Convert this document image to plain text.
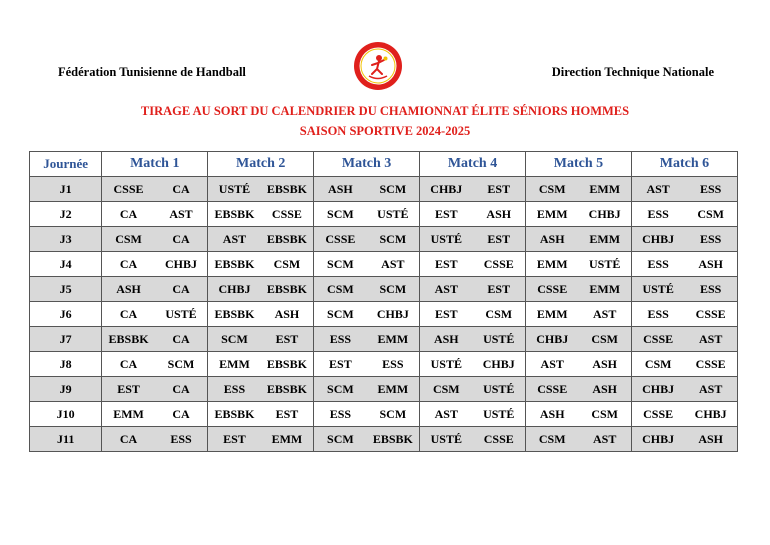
Fédération Tunisienne de Handball	Direction Technique Nationale
TIRAGE AU SORT DU CALENDRIER DU CHAMIONNAT ÉLITE SÉNIORS HOMMES
SAISON SPORTIVE 2024-2025
Journée	Match 1		Match 2		Match 3		Match 4		Match 5		Match 6	
J1	CSSE	CA	USTÉ	EBSBK	ASH	SCM	CHBJ	EST	CSM	EMM	AST	ESS
J2	CA	AST	EBSBK	CSSE	SCM	USTÉ	EST	ASH	EMM	CHBJ	ESS	CSM
J3	CSM	CA	AST	EBSBK	CSSE	SCM	USTÉ	EST	ASH	EMM	CHBJ	ESS
J4	CA	CHBJ	EBSBK	CSM	SCM	AST	EST	CSSE	EMM	USTÉ	ESS	ASH
J5	ASH	CA	CHBJ	EBSBK	CSM	SCM	AST	EST	CSSE	EMM	USTÉ	ESS
J6	CA	USTÉ	EBSBK	ASH	SCM	CHBJ	EST	CSM	EMM	AST	ESS	CSSE
J7	EBSBK	CA	SCM	EST	ESS	EMM	ASH	USTÉ	CHBJ	CSM	CSSE	AST
J8	CA	SCM	EMM	EBSBK	EST	ESS	USTÉ	CHBJ	AST	ASH	CSM	CSSE
J9	EST	CA	ESS	EBSBK	SCM	EMM	CSM	USTÉ	CSSE	ASH	CHBJ	AST
J10	EMM	CA	EBSBK	EST	ESS	SCM	AST	USTÉ	ASH	CSM	CSSE	CHBJ
J11	CA	ESS	EST	EMM	SCM	EBSBK	USTÉ	CSSE	CSM	AST	CHBJ	ASH
